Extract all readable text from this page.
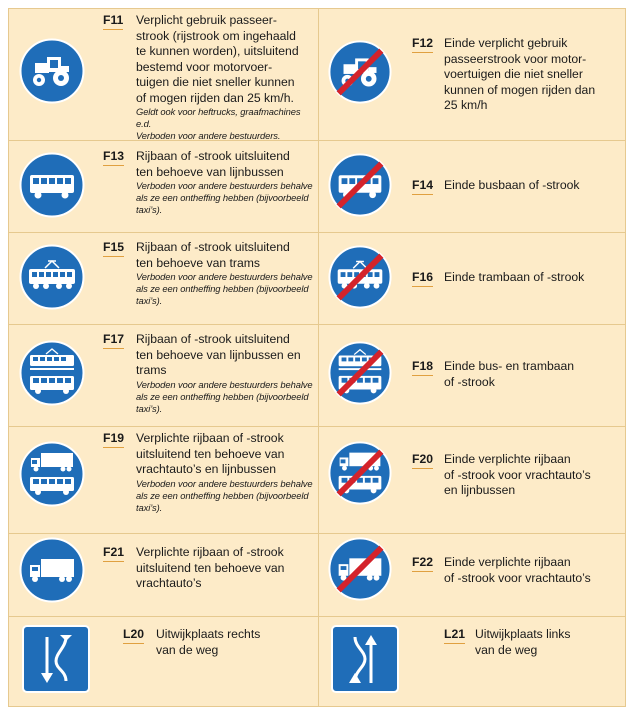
F11 Verplicht gebruik passeer-
strook (rijstrook om ingehaald
te kunnen worden), uitsluitend
bestemd voor motorvoer-
tuigen die niet sneller kunnen
of mogen rijden dan 25 km/h.
Geldt ook voor heftrucks, graafmachines e.d.
Verboden voor andere bestuurders.
F12 Einde verplicht gebruik
passeerstrook voor motor-
voertuigen die niet sneller
kunnen of mogen rijden dan
25 km/h
F13 Rijbaan of -strook uitsluitend
ten behoeve van lijnbussen
Verboden voor andere bestuurders behalve
als ze een ontheffing hebben (bijvoorbeeld
taxi’s).
F14 Einde busbaan of -strook
F15 Rijbaan of -strook uitsluitend
ten behoeve van trams
Verboden voor andere bestuurders behalve
als ze een ontheffing hebben (bijvoorbeeld
taxi’s).
F16 Einde trambaan of -strook
F17 Rijbaan of -strook uitsluitend
ten behoeve van lijnbussen en
trams
Verboden voor andere bestuurders behalve
als ze een ontheffing hebben (bijvoorbeeld
taxi’s).
F18 Einde bus- en trambaan
of -strook
F19 Verplichte rijbaan of -strook
uitsluitend ten behoeve van
vrachtauto’s en lijnbussen
Verboden voor andere bestuurders behalve
als ze een ontheffing hebben (bijvoorbeeld
taxi’s).
F20 Einde verplichte rijbaan
of -strook voor vrachtauto’s
en lijnbussen
F21 Verplichte rijbaan of -strook
uitsluitend ten behoeve van
vrachtauto’s
F22 Einde verplichte rijbaan
of -strook voor vrachtauto’s
L20 Uitwijkplaats rechts
van de weg
L21 Uitwijkplaats links
van de weg
